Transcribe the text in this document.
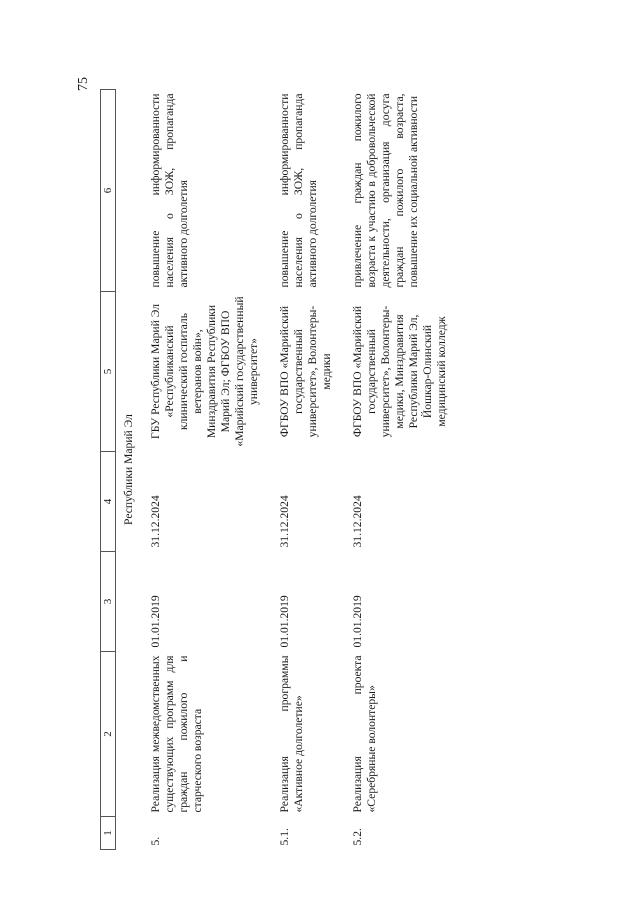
75
1	2	3	4	5	6
Республики Марий Эл					
5.	Реализация межведомственных существующих программ для граждан пожилого и старческого возраста	01.01.2019	31.12.2024	ГБУ Республики Марий Эл «Республиканский клинический госпиталь ветеранов войн», Минздравития Республики Марий Эл; ФГБОУ ВПО «Марийский государственный университет»	повышение информированности населения о ЗОЖ, пропаганда активного долголетия
5.1.	Реализация программы «Активное долголетие»	01.01.2019	31.12.2024	ФГБОУ ВПО «Марийский государственный университет», Волонтеры-медики	повышение информированности населения о ЗОЖ, пропаганда активного долголетия
5.2.	Реализация проекта «Серебряные волонтеры»	01.01.2019	31.12.2024	ФГБОУ ВПО «Марийский государственный университет», Волонтеры-медики, Минздравития Республики Марий Эл, Йошкар-Олинский медицинский колледж	привлечение граждан пожилого возраста к участию в добровольческой деятельности, организация досуга граждан пожилого возраста, повышение их социальной активности
